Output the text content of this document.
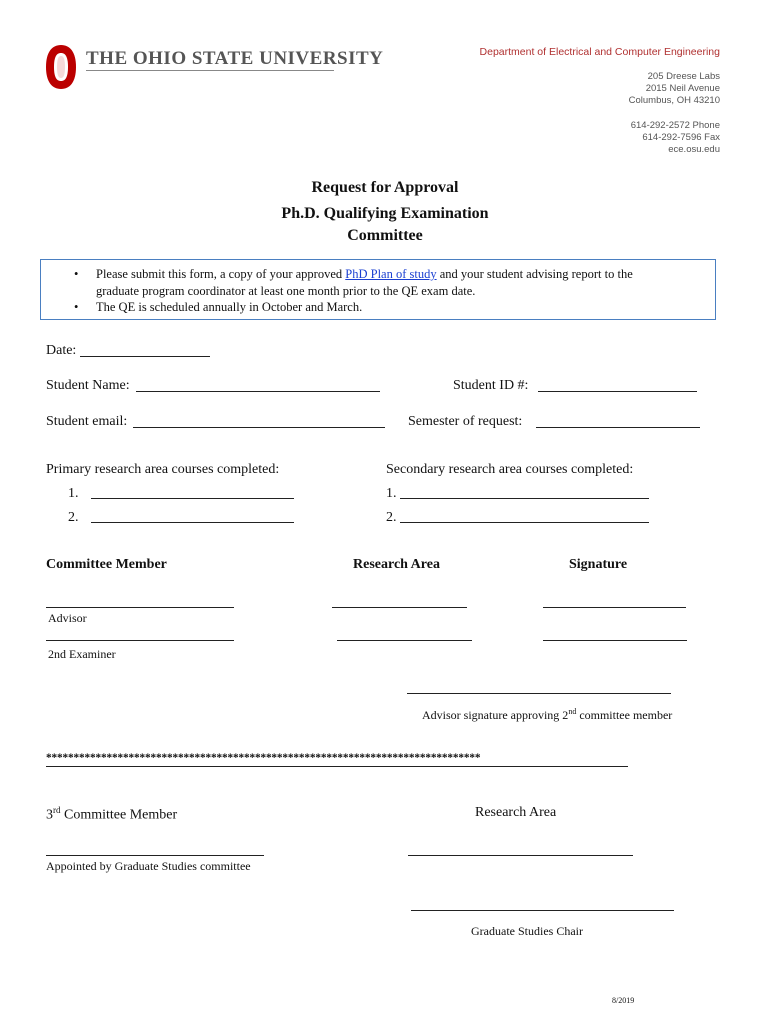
THE OHIO STATE UNIVERSITY	Department of Electrical and Computer Engineering
205 Dreese Labs
2015 Neil Avenue
Columbus, OH 43210
614-292-2572 Phone
614-292-7596 Fax
ece.osu.edu
Request for Approval
Ph.D. Qualifying Examination
Committee
• Please submit this form, a copy of your approved PhD Plan of study and your student advising report to the
graduate program coordinator at least one month prior to the QE exam date.
• The QE is scheduled annually in October and March.
Date:
Student Name:	Student ID #:
Student email:	Semester of request:
Primary research area courses completed:	Secondary research area courses completed:
1.
2.
1.
2.
Committee Member	Research Area	Signature
Advisor
2nd Examiner
Advisor signature approving 2nd committee member
*******************************************************************************
3rd Committee Member	Research Area
Appointed by Graduate Studies committee
Graduate Studies Chair
8/2019
